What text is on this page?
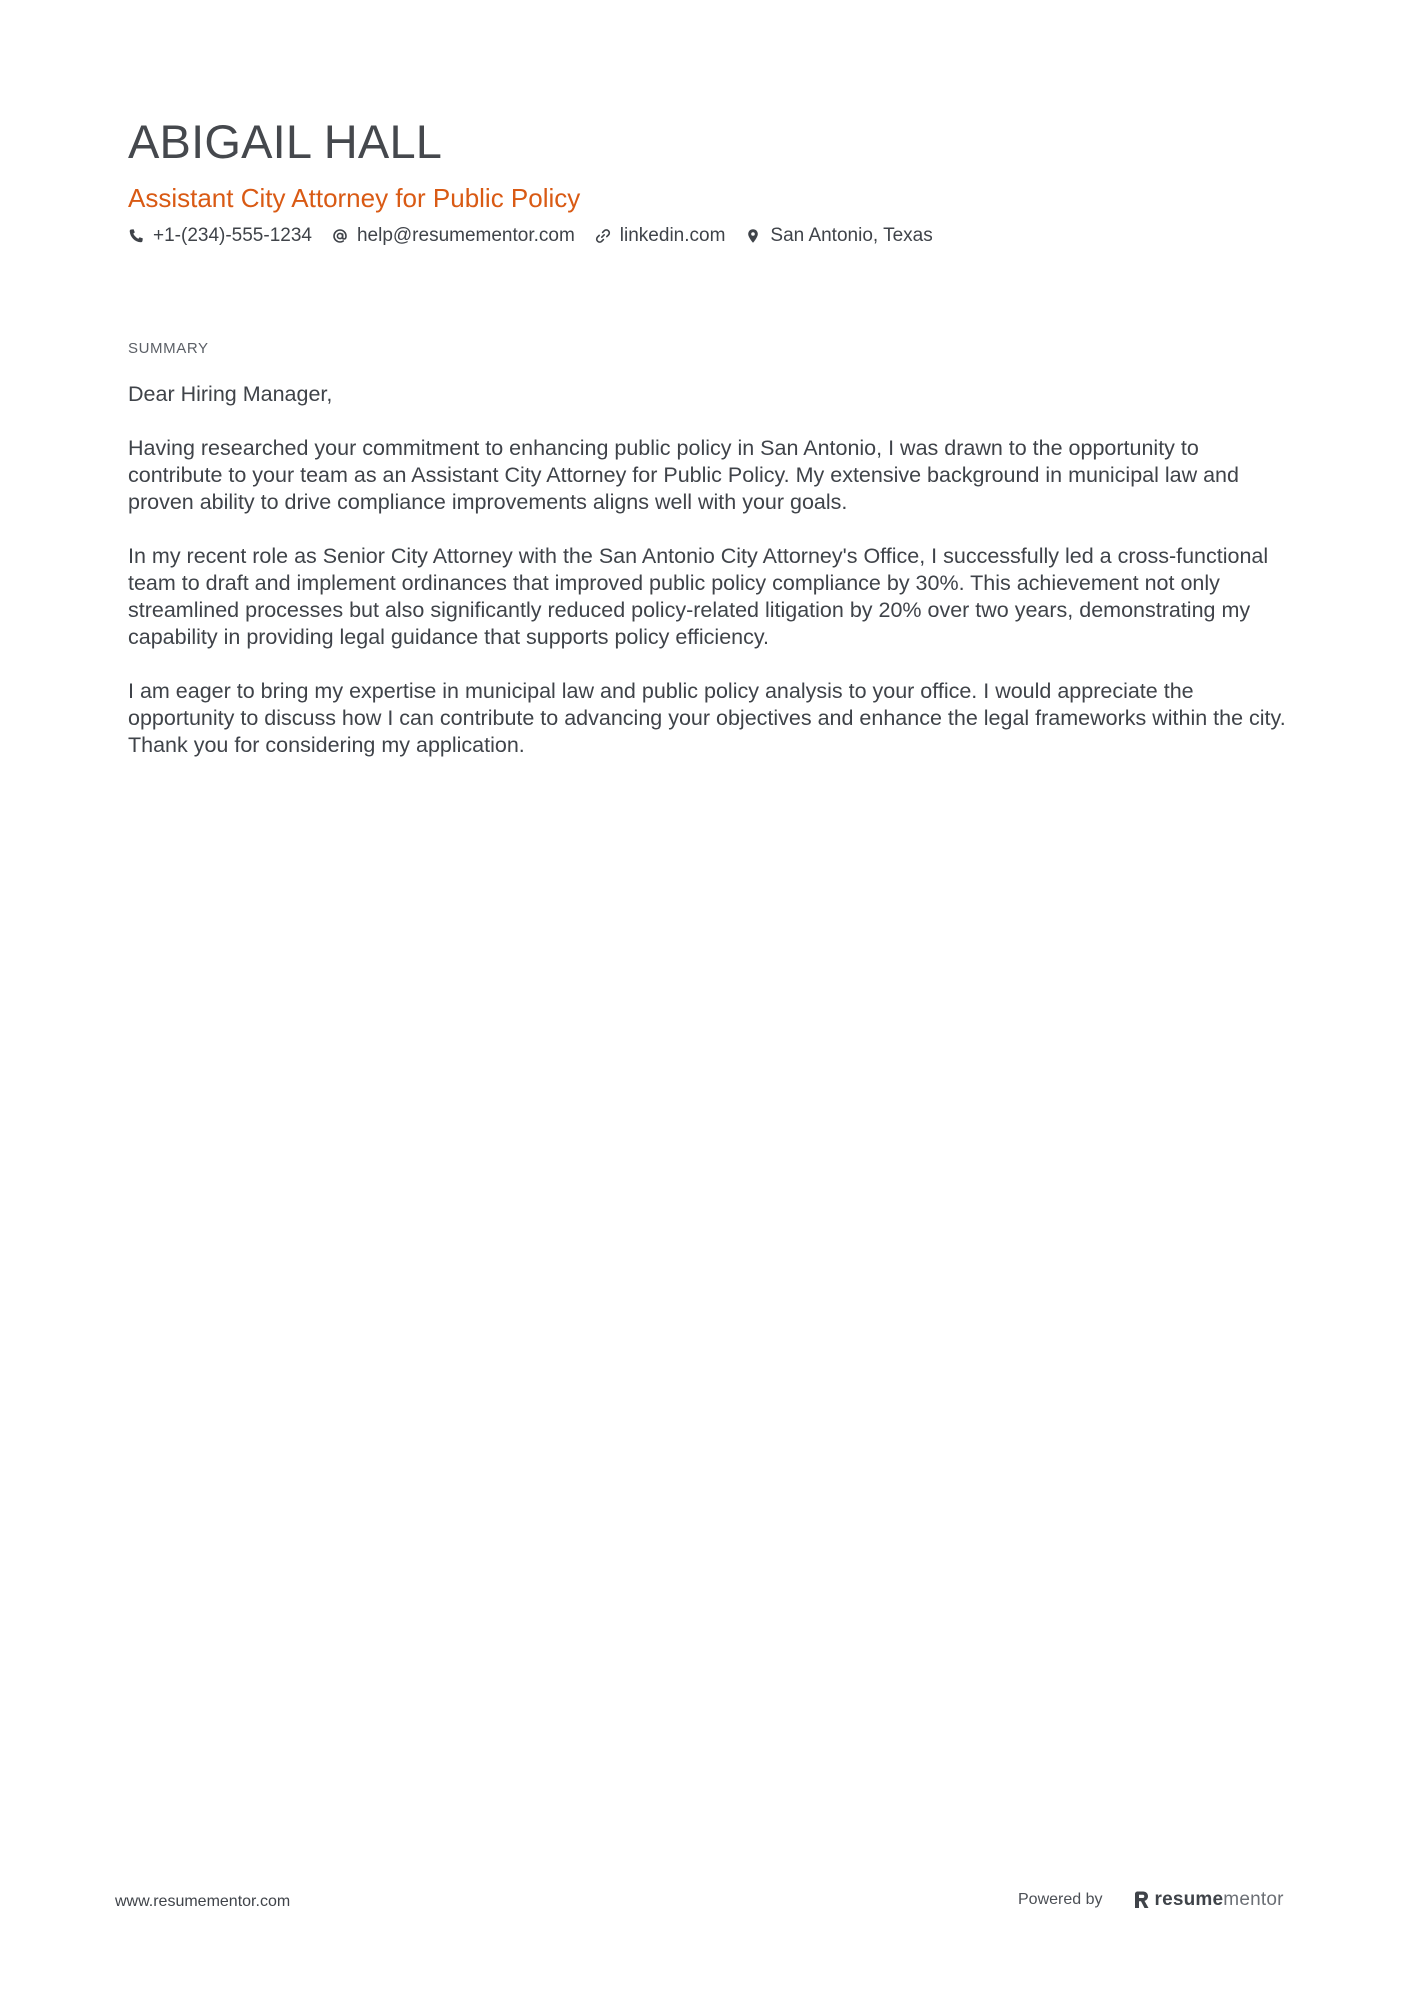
ABIGAIL HALL
Assistant City Attorney for Public Policy
+1-(234)-555-1234 help@resumementor.com linkedin.com San Antonio, Texas
SUMMARY

Dear Hiring Manager,

Having researched your commitment to enhancing public policy in San Antonio, I was drawn to the opportunity to contribute to your team as an Assistant City Attorney for Public Policy. My extensive background in municipal law and proven ability to drive compliance improvements aligns well with your goals.

In my recent role as Senior City Attorney with the San Antonio City Attorney's Office, I successfully led a cross-functional team to draft and implement ordinances that improved public policy compliance by 30%. This achievement not only streamlined processes but also significantly reduced policy-related litigation by 20% over two years, demonstrating my capability in providing legal guidance that supports policy efficiency.

I am eager to bring my expertise in municipal law and public policy analysis to your office. I would appreciate the opportunity to discuss how I can contribute to advancing your objectives and enhance the legal frameworks within the city. Thank you for considering my application.

www.resumementor.com	Powered by	resumementor
